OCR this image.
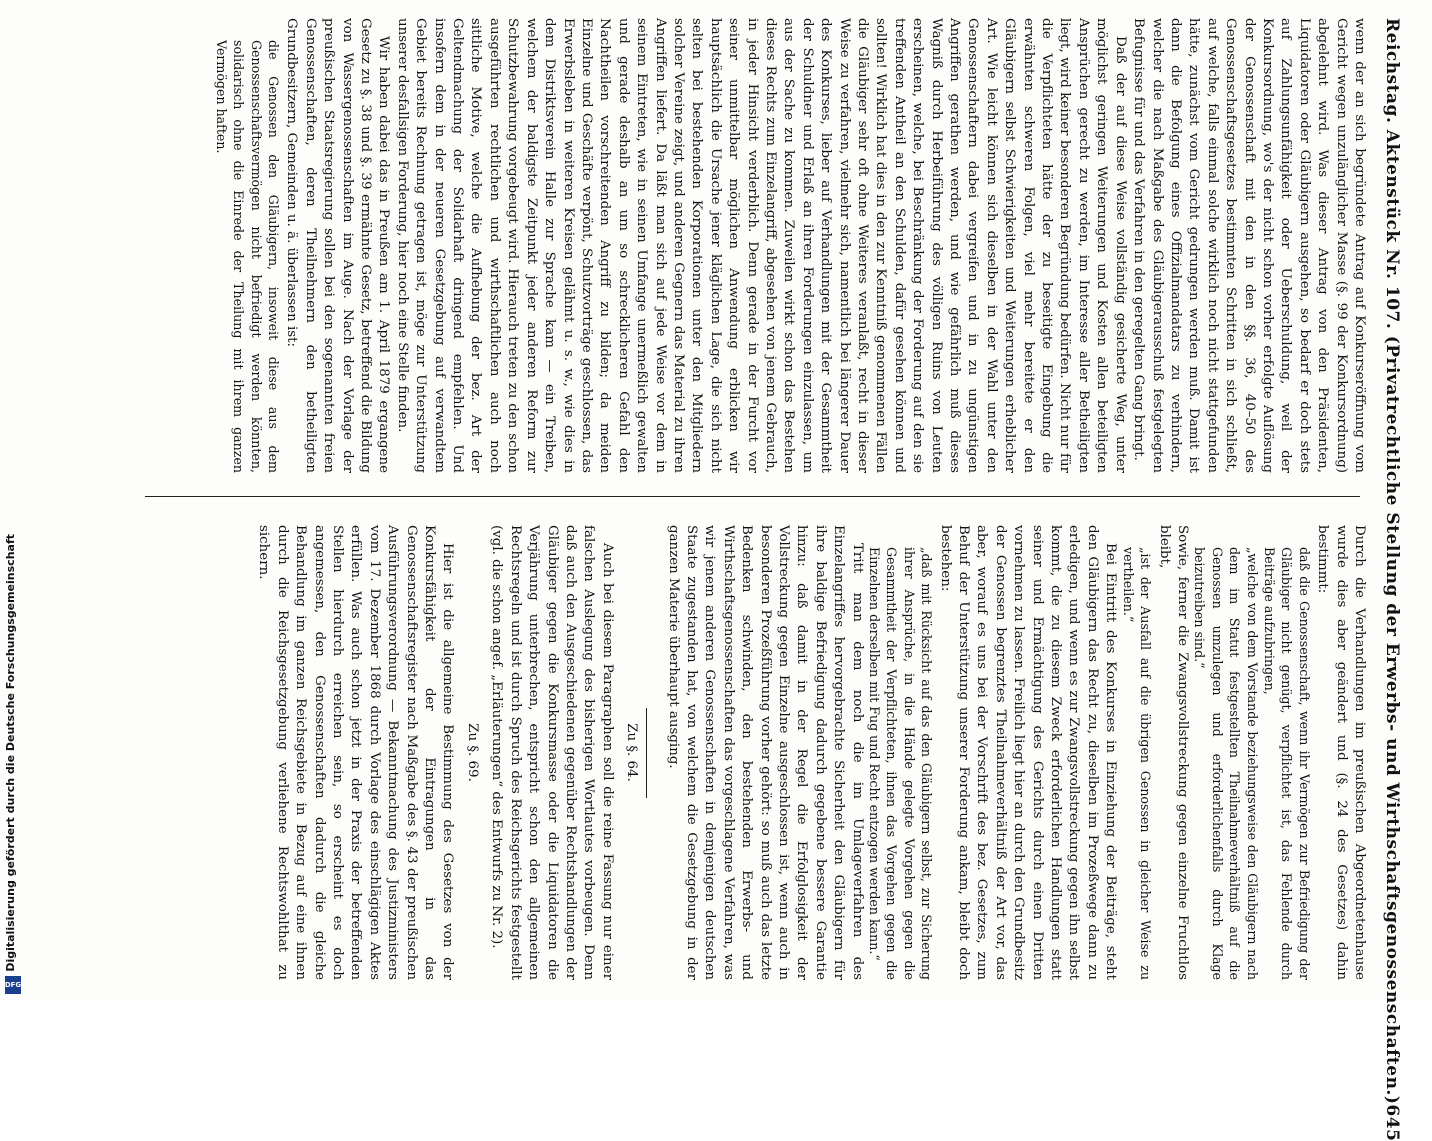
Digitalisierung gefördert durch die Deutsche Forschungsgemeinschaft
DFG	Reichstag. Aktenstück Nr. 107. (Privatrechtliche Stellung der Erwerbs- und Wirthschaftsgenossenschaften.)
645

wenn der an sich begründete Antrag auf Konkurseröffnung vom Gericht wegen unzulänglicher Masse (§. 99 der Konkursordnung) abgelehnt wird. Was dieser Antrag von den Präsidenten, Liquidatoren oder Gläubigern ausgehen, so bedarf er doch stets auf Zahlungsunfähigkeit oder Ueberschuldung, weil der Konkursordnung, wo's der nicht schon vorher erfolgte Auflösung der Genossenschaft mit den in den §§. 36, 40–50 des Genossenschaftsgesetzes bestimmten Schritten in sich schließt, auf welche, falls einmal solche wirklich noch nicht stattgefunden hätte, zunächst vom Gericht gedrungen werden muß. Damit ist dann die Befolgung eines Offizialmandatars zu verhindern, welcher die nach Maßgabe des Gläubigerausschuß festgelegten Befugnisse für und das Verfahren in den geregelten Gang bringt.

Daß der auf diese Weise vollständig gesicherte Weg, unter möglichst geringen Weiterungen und Kosten allen beteiligten Ansprüchen gerecht zu werden, im Interesse aller Betheiligten liegt, wird keiner besonderen Begründung bedürfen. Nicht nur für die Verpflichteten hätte der zu beseitigte Eingebung die erwähnten schweren Folgen, viel mehr bereitete er den Gläubigern selbst Schwierigkeiten und Weiterungen erheblicher Art. Wie leicht können sich dieselben in der Wahl unter den Genossenschaftern dabei vergreifen und in zu ungünstigen Angriffen gerathen werden, und wie gefährlich muß dieses Wagniß durch Herbeiführung des völligen Ruins von Leuten erscheinen, welche, bei Beschränkung der Forderung auf den sie treffenden Antheil an den Schulden, dafür gesehen können und sollten! Wirklich hat dies in den zur Kenntniß genommenen Fällen die Gläubiger sehr oft ohne Weiteres veranlaßt, recht in dieser Weise zu verfahren, vielmehr sich, namentlich bei längerer Dauer des Konkurses, lieber auf Verhandlungen mit der Gesammtheit der Schuldner und Erlaß an ihren Forderungen einzulassen, um aus der Sache zu kommen. Zuweilen wirkt schon das Bestehen dieses Rechts zum Einzelangriff, abgesehen von jenem Gebrauch, in jeder Hinsicht verderblich. Denn gerade in der Furcht vor seiner unmittelbar möglichen Anwendung erblicken wir hauptsächlich die Ursache jener kläglichen Lage, die sich nicht selten bei bestehenden Korporationen unter den Mitgliedern solcher Vereine zeigt, und anderen Gegnern das Material zu ihren Angriffen liefert. Da läßt man sich auf jede Weise vor dem in seinem Eintreten, wie in seinen Umfange unermeßlich gewalten und gerade deshalb an um so schrecklicheren Gefahl den Nachtheilen vorschreitenden Angriff zu bilden; da meiden Einzelne und Geschäfte verpönt, Schutzvorträge geschlossen, das Erwerbsleben in weiteren Kreisen gelähmt u. s. w., wie dies in dem Distriktsverein Halle zur Sprache kam — ein Treiben, welchem der baldigste Zeitpunkt jeder anderen Reform zur Schutzbewahrung vorgebeugt wird. Hierauch treten zu den schon ausgeführten rechtlichen und wirthschaftlichen auch noch sittliche Motive, welche die Aufhebung der bez. Art der Geltendmachung der Solidarhaft dringend empfehlen. Und insofern dem in der neueren Gesetzgebung auf verwandtem Gebiet bereits Rechnung getragen ist, möge zur Unterstützung unserer desfallsigen Forderung, hier noch eine Stelle finden.

Wir haben dabei das in Preußen am 1. April 1879 ergangene Gesetz zu §. 38 und §. 39 ermähnte Gesetz, betreffend die Bildung von Wassergenossenschaften im Auge. Nach der Vorlage der preußischen Staatsregierung sollen bei den sogenannten freien Genossenschaften, deren Theilnehmern den betheiligten Grundbesitzern, Gemeinden u. ä. überlassen ist:

die Genossen den Gläubigern, insoweit diese aus dem Genossenschaftsvermögen nicht befriedigt werden könnten, solidarisch ohne die Einrede der Theilung mit ihrem ganzen Vermögen haften.

Durch die Verhandlungen im preußischen Abgeordnetenhause wurde dies aber geändert und (§. 24 des Gesetzes) dahin bestimmt:

daß die Genossenschaft, wenn ihr Vermögen zur Befriedigung der Gläubiger nicht genügt, verpflichtet ist, das Fehlende durch Beiträge aufzubringen,

„welche von dem Vorstande beziehungsweise den Gläubigern nach dem im Statut festgestellten Theilnahmeverhältniß auf die Genossen umzulegen und erforderlichenfalls durch Klage beizutreiben sind.“

Sowie, ferner die Zwangsvollstreckung gegen einzelne Fruchtlos bleibt,

„ist der Ausfall auf die übrigen Genossen in gleicher Weise zu vertheilen.“

Bei Eintritt des Konkurses in Einziehung der Beiträge, steht den Gläubigern das Recht zu, dieselben im Prozeßwege dann zu erledigen, und wenn es zur Zwangsvollstreckung gegen ihn selbst kommt, die zu diesem Zweck erforderlichen Handlungen statt seiner und Ermächtigung des Gerichts durch einen Dritten vornehmen zu lassen. Freilich liegt hier an durch den Grundbesitz der Genossen begrenztes Theilnahmeverhältniß der Art vor, das aber, worauf es uns bei der Vorschrift des bez. Gesetzes, zum Behuf der Unterstützung unserer Forderung ankam, bleibt doch bestehen:

„daß mit Rücksicht auf das den Gläubigern selbst, zur Sicherung ihrer Ansprüche, in die Hände gelegte Vorgehen gegen die Gesammtheit der Verpflichteten, ihnen das Vorgehen gegen die Einzelnen derselben mit Fug und Recht entzogen werden kann.“

Tritt man dem noch die im Umlageverfahren des Einzelangriffes hervorgebrachte Sicherheit den Gläubigern für ihre baldige Befriedigung dadurch gegebene bessere Garantie hinzu: daß damit in der Regel die Erfolglosigkeit der Vollstreckung gegen Einzelne ausgeschlossen ist, wenn auch in besonderen Prozeßführung vorher gehört: so muß auch das letzte Bedenken schwinden, den bestehenden Erwerbs- und Wirthschaftsgenossenschaften das vorgeschlagene Verfahren, was wir jenem anderen Genossenschaften in demjenigen deutschen Staate zugestanden hat, von welchem die Gesetzgebung in der ganzen Materie überhaupt ausging.

Zu §. 64.

Auch bei diesem Paragraphen soll die reine Fassung nur einer falschen Auslegung des bisherigen Wortlautes vorbeugen. Denn daß auch den Ausgeschiedenen gegenüber Rechtshandlungen der Gläubiger gegen die Konkursmasse oder die Liquidatoren die Verjährung unterbrechen, entspricht schon den allgemeinen Rechtsregeln und ist durch Spruch des Reichsgerichts festgestellt (vgl. die schon angef. „Erläuterungen“ des Entwurfs zu Nr. 2).

Zu §. 69.

Hier ist die allgemeine Bestimmung des Gesetzes von der Konkursfähigkeit der Eintragungen in das Genossenschaftsregister nach Maßgabe des §. 43 der preußischen Ausführungsverordnung — Bekanntmachung des Justizministers vom 17. Dezember 1868 durch Vorlage des einschlägigen Aktes erfüllen. Was auch schon jetzt in der Praxis der betreffenden Stellen hierdurch erreichen sein, so erscheint es doch angemessen, den Genossenschaften dadurch die gleiche Behandlung im ganzen Reichsgebiete in Bezug auf eine ihnen durch die Reichsgesetzgebung verliehene Rechtswohlthat zu sichern.
